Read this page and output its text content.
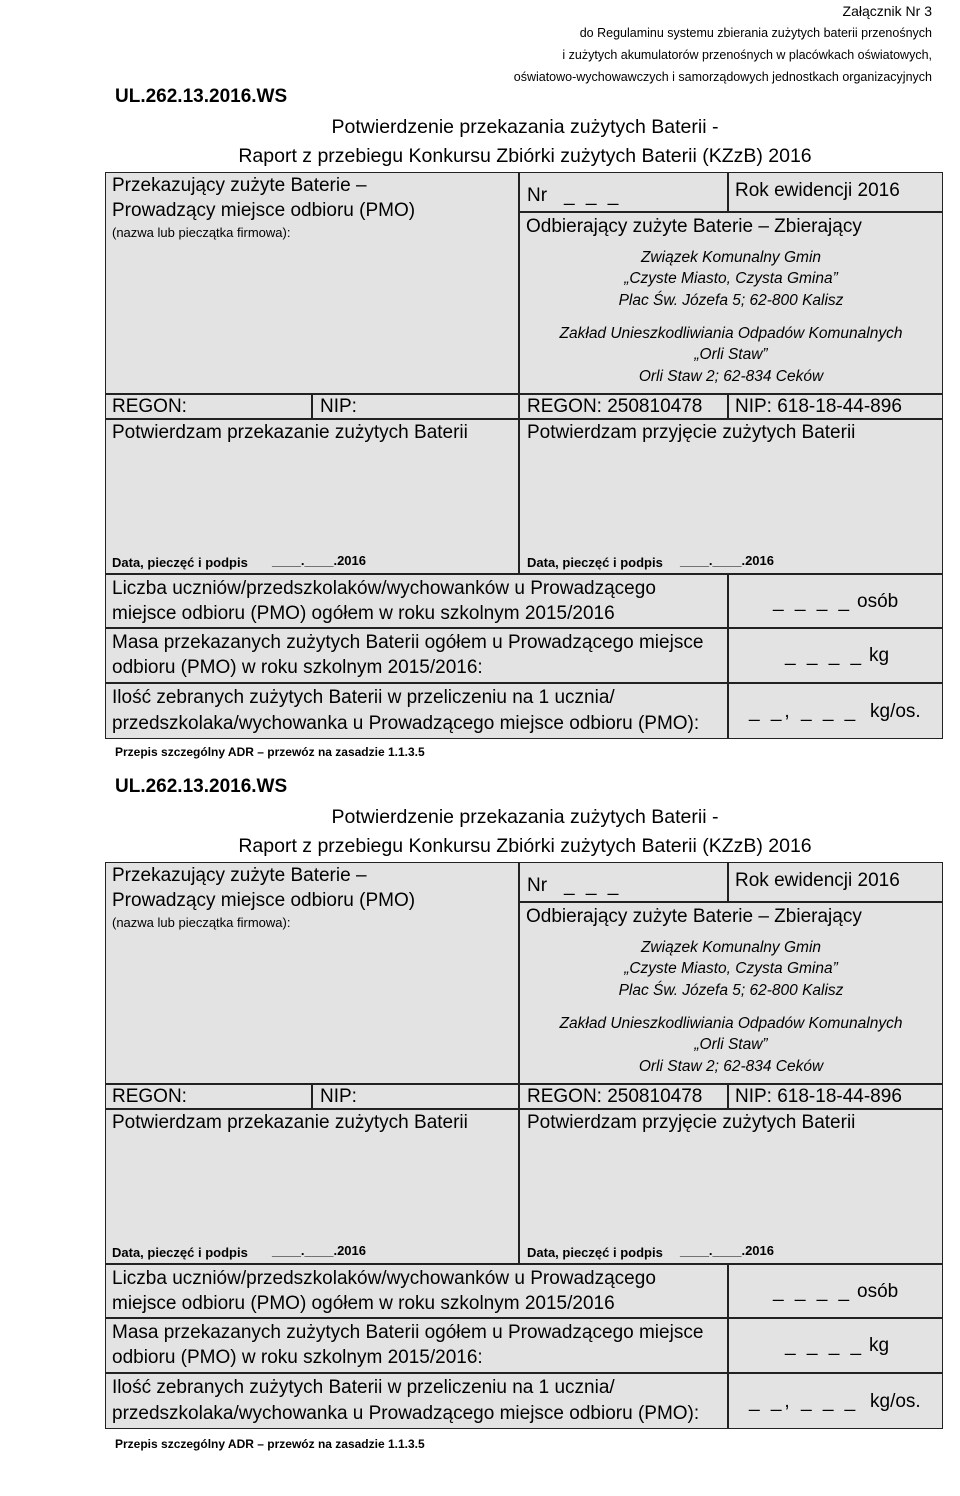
Załącznik Nr 3
do Regulaminu systemu zbierania zużytych baterii przenośnych
i zużytych akumulatorów przenośnych w placówkach oświatowych,
oświatowo-wychowawczych i samorządowych jednostkach organizacyjnych
UL.262.13.2016.WS
Potwierdzenie przekazania zużytych Baterii -
Raport z przebiegu Konkursu Zbiórki zużytych Baterii (KZzB) 2016
Przekazujący zużyte Baterie –
Prowadzący miejsce odbioru (PMO)
(nazwa lub pieczątka firmowa):
Nr _ _ _	Rok ewidencji 2016
Odbierający zużyte Baterie – Zbierający
Związek Komunalny Gmin
„Czyste Miasto, Czysta Gmina”
Plac Św. Józefa 5; 62-800 Kalisz
Zakład Unieszkodliwiania Odpadów Komunalnych
„Orli Staw”
Orli Staw 2; 62-834 Ceków
REGON:	NIP:	REGON: 250810478 NIP: 618-18-44-896
Potwierdzam przekazanie zużytych Baterii
Data, pieczęć i podpis ____.____.2016
Potwierdzam przyjęcie zużytych Baterii
Data, pieczęć i podpis ____.____.2016
Liczba uczniów/przedszkolaków/wychowanków u Prowadzącego
miejsce odbioru (PMO) ogółem w roku szkolnym 2015/2016
_ _ _ _ osób
Masa przekazanych zużytych Baterii ogółem u Prowadzącego miejsce
odbioru (PMO) w roku szkolnym 2015/2016:
_ _ _ _ kg
Ilość zebranych zużytych Baterii w przeliczeniu na 1 ucznia/
przedszkolaka/wychowanka u Prowadzącego miejsce odbioru (PMO):
_ _, _ _ _ kg/os.
Przepis szczególny ADR – przewóz na zasadzie 1.1.3.5
UL.262.13.2016.WS
Potwierdzenie przekazania zużytych Baterii -
Raport z przebiegu Konkursu Zbiórki zużytych Baterii (KZzB) 2016
Przekazujący zużyte Baterie –
Prowadzący miejsce odbioru (PMO)
(nazwa lub pieczątka firmowa):
Nr _ _ _	Rok ewidencji 2016
Odbierający zużyte Baterie – Zbierający
Związek Komunalny Gmin
„Czyste Miasto, Czysta Gmina”
Plac Św. Józefa 5; 62-800 Kalisz
Zakład Unieszkodliwiania Odpadów Komunalnych
„Orli Staw”
Orli Staw 2; 62-834 Ceków
REGON:	NIP:	REGON: 250810478 NIP: 618-18-44-896
Potwierdzam przekazanie zużytych Baterii
Data, pieczęć i podpis ____.____.2016
Potwierdzam przyjęcie zużytych Baterii
Data, pieczęć i podpis ____.____.2016
Liczba uczniów/przedszkolaków/wychowanków u Prowadzącego
miejsce odbioru (PMO) ogółem w roku szkolnym 2015/2016
_ _ _ _ osób
Masa przekazanych zużytych Baterii ogółem u Prowadzącego miejsce
odbioru (PMO) w roku szkolnym 2015/2016:
_ _ _ _ kg
Ilość zebranych zużytych Baterii w przeliczeniu na 1 ucznia/
przedszkolaka/wychowanka u Prowadzącego miejsce odbioru (PMO):
_ _, _ _ _ kg/os.
Przepis szczególny ADR – przewóz na zasadzie 1.1.3.5
